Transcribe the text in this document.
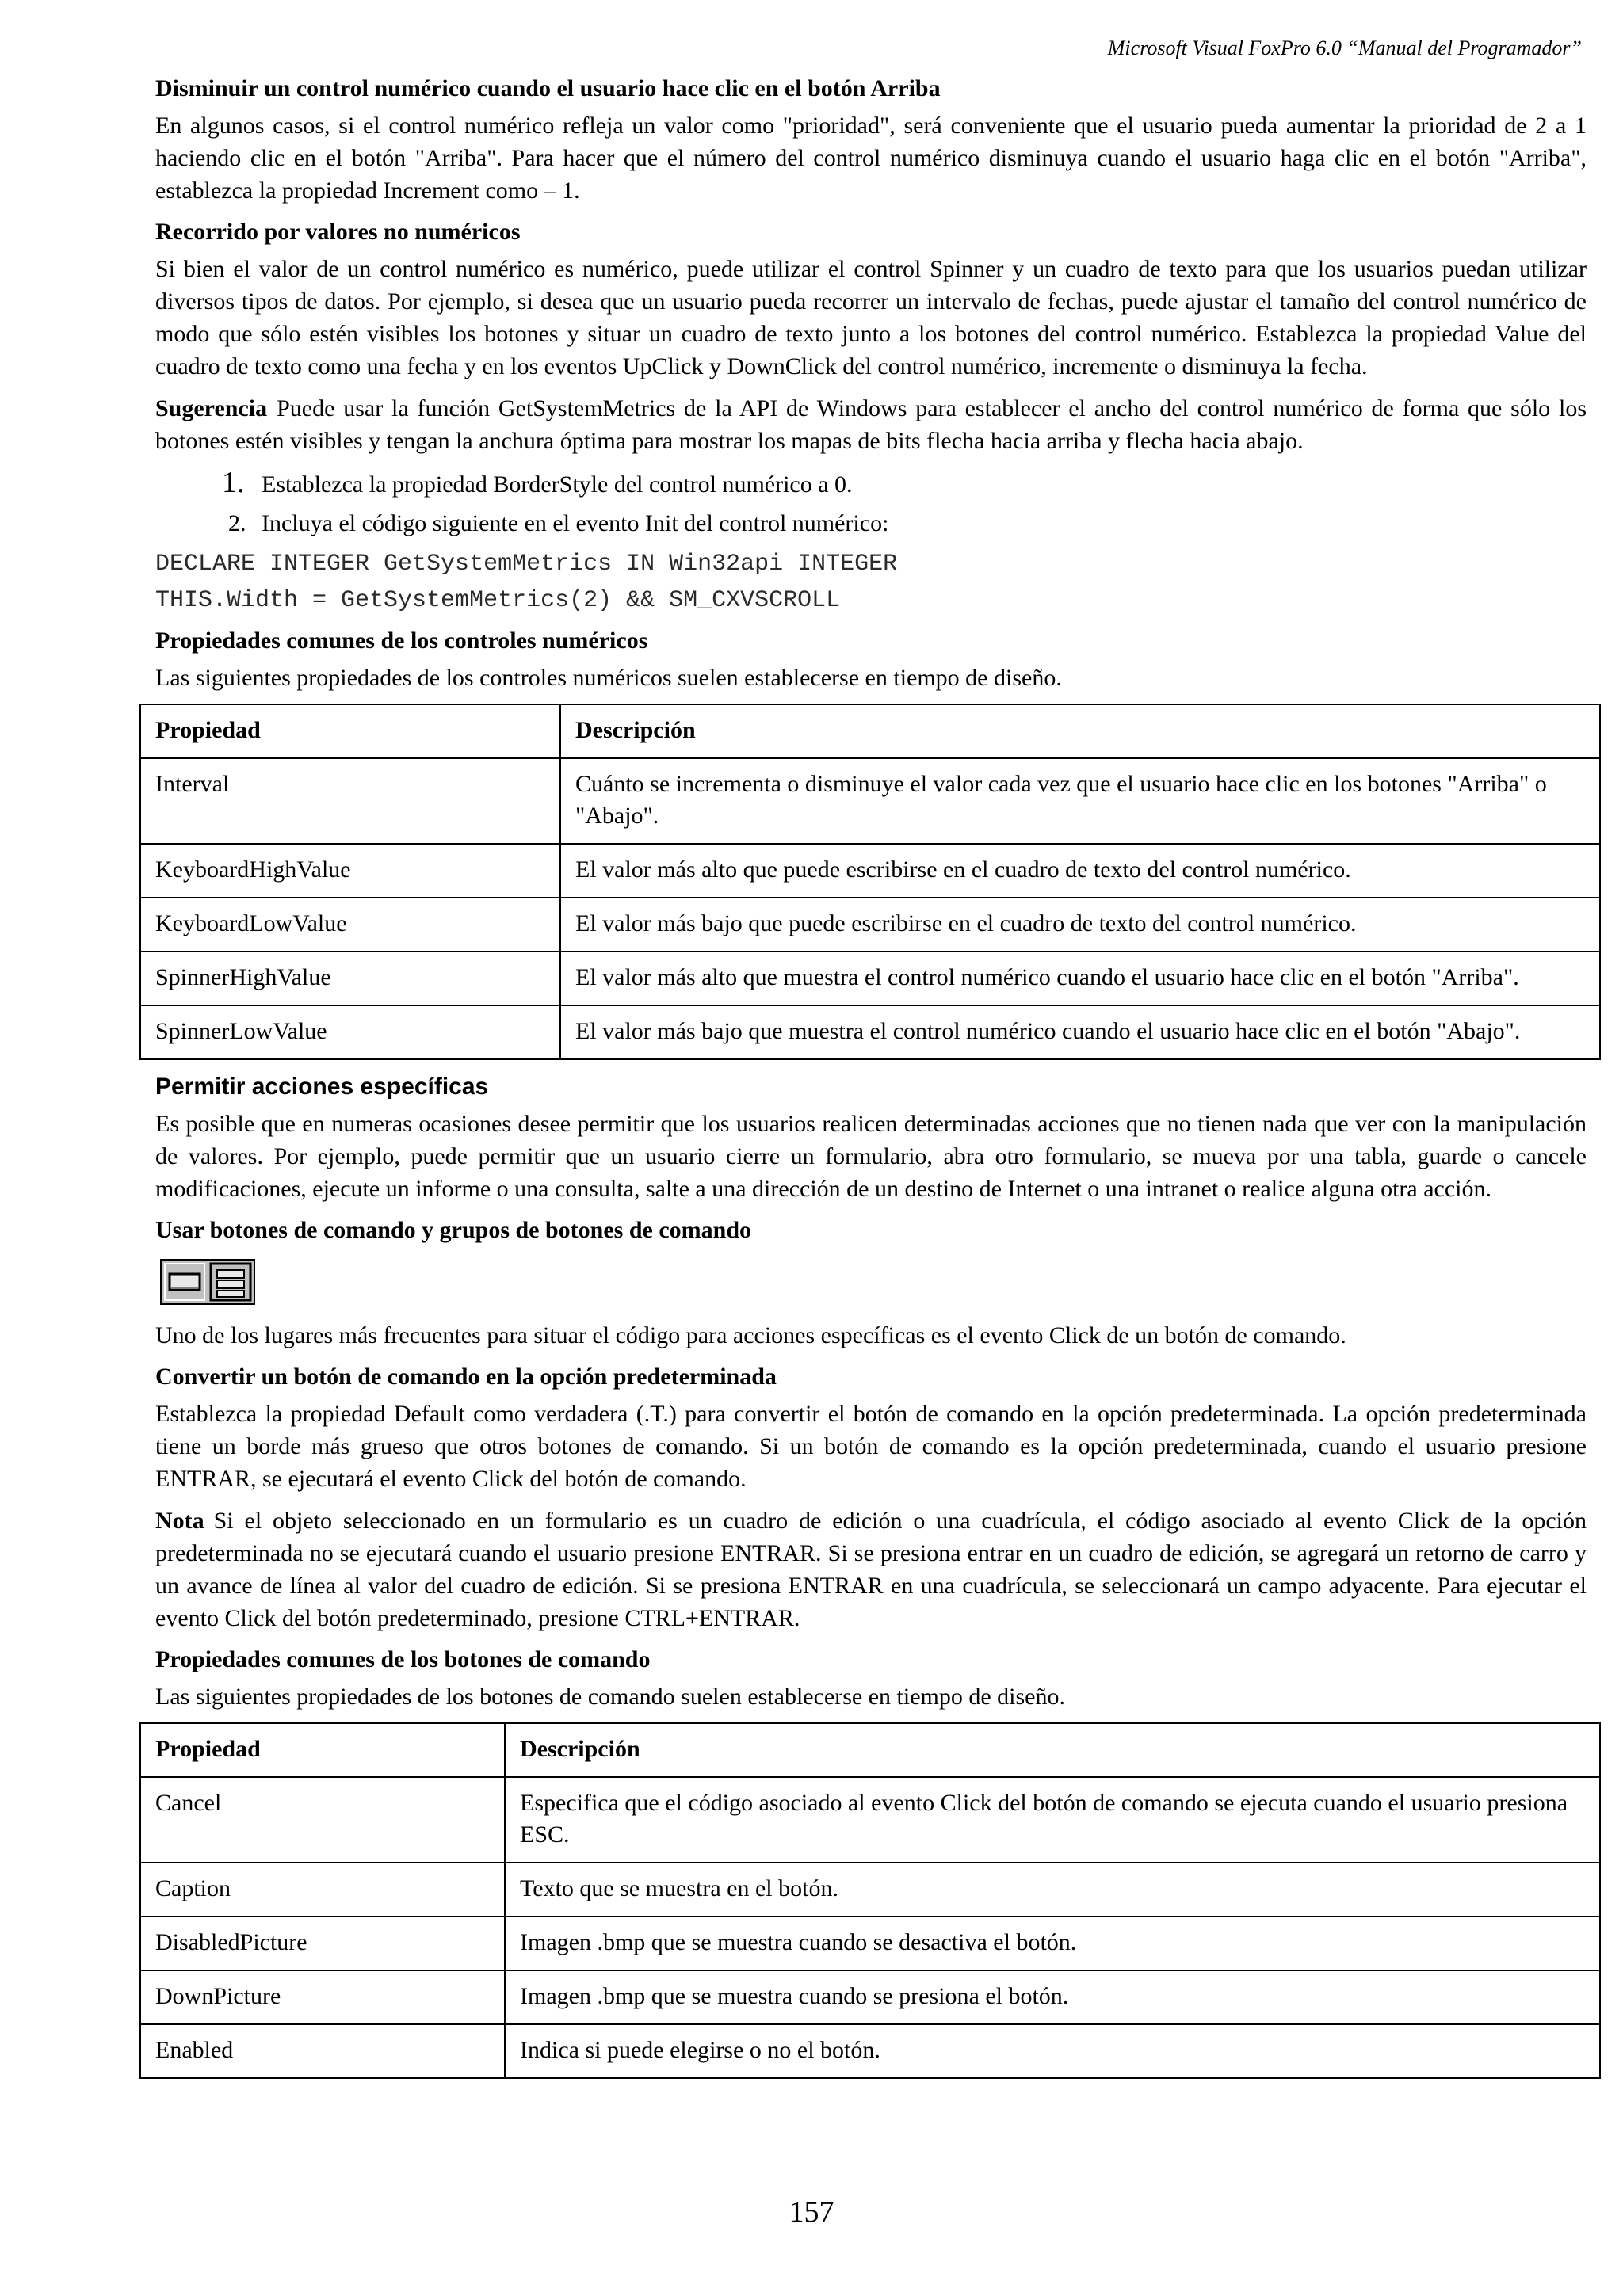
Microsoft Visual FoxPro 6.0 “Manual del Programador”
Disminuir un control numérico cuando el usuario hace clic en el botón Arriba

En algunos casos, si el control numérico refleja un valor como "prioridad", será conveniente que el usuario pueda aumentar la prioridad de 2 a 1 haciendo clic en el botón "Arriba". Para hacer que el número del control numérico disminuya cuando el usuario haga clic en el botón "Arriba", establezca la propiedad Increment como – 1.

Recorrido por valores no numéricos

Si bien el valor de un control numérico es numérico, puede utilizar el control Spinner y un cuadro de texto para que los usuarios puedan utilizar diversos tipos de datos. Por ejemplo, si desea que un usuario pueda recorrer un intervalo de fechas, puede ajustar el tamaño del control numérico de modo que sólo estén visibles los botones y situar un cuadro de texto junto a los botones del control numérico. Establezca la propiedad Value del cuadro de texto como una fecha y en los eventos UpClick y DownClick del control numérico, incremente o disminuya la fecha.

Sugerencia Puede usar la función GetSystemMetrics de la API de Windows para establecer el ancho del control numérico de forma que sólo los botones estén visibles y tengan la anchura óptima para mostrar los mapas de bits flecha hacia arriba y flecha hacia abajo.

1. Establezca la propiedad BorderStyle del control numérico a 0.
2. Incluya el código siguiente en el evento Init del control numérico:
DECLARE INTEGER GetSystemMetrics IN Win32api INTEGER
THIS.Width = GetSystemMetrics(2) && SM_CXVSCROLL
Propiedades comunes de los controles numéricos

Las siguientes propiedades de los controles numéricos suelen establecerse en tiempo de diseño.

Propiedad	Descripción
Interval	Cuánto se incrementa o disminuye el valor cada vez que el usuario hace clic en los botones "Arriba" o "Abajo".
KeyboardHighValue	El valor más alto que puede escribirse en el cuadro de texto del control numérico.
KeyboardLowValue	El valor más bajo que puede escribirse en el cuadro de texto del control numérico.
SpinnerHighValue	El valor más alto que muestra el control numérico cuando el usuario hace clic en el botón "Arriba".
SpinnerLowValue	El valor más bajo que muestra el control numérico cuando el usuario hace clic en el botón "Abajo".
Permitir acciones específicas

Es posible que en numeras ocasiones desee permitir que los usuarios realicen determinadas acciones que no tienen nada que ver con la manipulación de valores. Por ejemplo, puede permitir que un usuario cierre un formulario, abra otro formulario, se mueva por una tabla, guarde o cancele modificaciones, ejecute un informe o una consulta, salte a una dirección de un destino de Internet o una intranet o realice alguna otra acción.

Usar botones de comando y grupos de botones de comando

Uno de los lugares más frecuentes para situar el código para acciones específicas es el evento Click de un botón de comando.

Convertir un botón de comando en la opción predeterminada

Establezca la propiedad Default como verdadera (.T.) para convertir el botón de comando en la opción predeterminada. La opción predeterminada tiene un borde más grueso que otros botones de comando. Si un botón de comando es la opción predeterminada, cuando el usuario presione ENTRAR, se ejecutará el evento Click del botón de comando.

Nota Si el objeto seleccionado en un formulario es un cuadro de edición o una cuadrícula, el código asociado al evento Click de la opción predeterminada no se ejecutará cuando el usuario presione ENTRAR. Si se presiona entrar en un cuadro de edición, se agregará un retorno de carro y un avance de línea al valor del cuadro de edición. Si se presiona ENTRAR en una cuadrícula, se seleccionará un campo adyacente. Para ejecutar el evento Click del botón predeterminado, presione CTRL+ENTRAR.

Propiedades comunes de los botones de comando

Las siguientes propiedades de los botones de comando suelen establecerse en tiempo de diseño.

Propiedad	Descripción
Cancel	Especifica que el código asociado al evento Click del botón de comando se ejecuta cuando el usuario presiona ESC.
Caption	Texto que se muestra en el botón.
DisabledPicture	Imagen .bmp que se muestra cuando se desactiva el botón.
DownPicture	Imagen .bmp que se muestra cuando se presiona el botón.
Enabled	Indica si puede elegirse o no el botón.
157
